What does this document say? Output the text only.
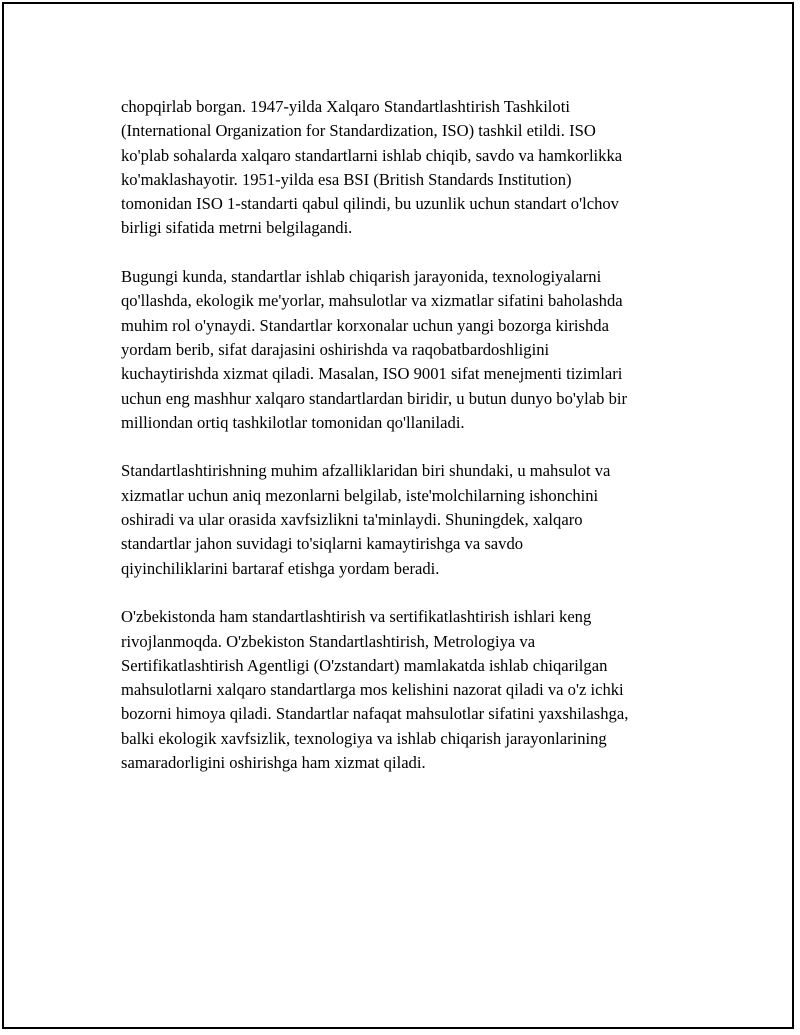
chopqirlab borgan. 1947-yilda Xalqaro Standartlashtirish Tashkiloti
(International Organization for Standardization, ISO) tashkil etildi. ISO
ko'plab sohalarda xalqaro standartlarni ishlab chiqib, savdo va hamkorlikka
ko'maklashayotir. 1951-yilda esa BSI (British Standards Institution)
tomonidan ISO 1-standarti qabul qilindi, bu uzunlik uchun standart o'lchov
birligi sifatida metrni belgilagandi.

Bugungi kunda, standartlar ishlab chiqarish jarayonida, texnologiyalarni
qo'llashda, ekologik me'yorlar, mahsulotlar va xizmatlar sifatini baholashda
muhim rol o'ynaydi. Standartlar korxonalar uchun yangi bozorga kirishda
yordam berib, sifat darajasini oshirishda va raqobatbardoshligini
kuchaytirishda xizmat qiladi. Masalan, ISO 9001 sifat menejmenti tizimlari
uchun eng mashhur xalqaro standartlardan biridir, u butun dunyo bo'ylab bir
milliondan ortiq tashkilotlar tomonidan qo'llaniladi.

Standartlashtirishning muhim afzalliklaridan biri shundaki, u mahsulot va
xizmatlar uchun aniq mezonlarni belgilab, iste'molchilarning ishonchini
oshiradi va ular orasida xavfsizlikni ta'minlaydi. Shuningdek, xalqaro
standartlar jahon suvidagi to'siqlarni kamaytirishga va savdo
qiyinchiliklarini bartaraf etishga yordam beradi.

O'zbekistonda ham standartlashtirish va sertifikatlashtirish ishlari keng
rivojlanmoqda. O'zbekiston Standartlashtirish, Metrologiya va
Sertifikatlashtirish Agentligi (O'zstandart) mamlakatda ishlab chiqarilgan
mahsulotlarni xalqaro standartlarga mos kelishini nazorat qiladi va o'z ichki
bozorni himoya qiladi. Standartlar nafaqat mahsulotlar sifatini yaxshilashga,
balki ekologik xavfsizlik, texnologiya va ishlab chiqarish jarayonlarining
samaradorligini oshirishga ham xizmat qiladi.
